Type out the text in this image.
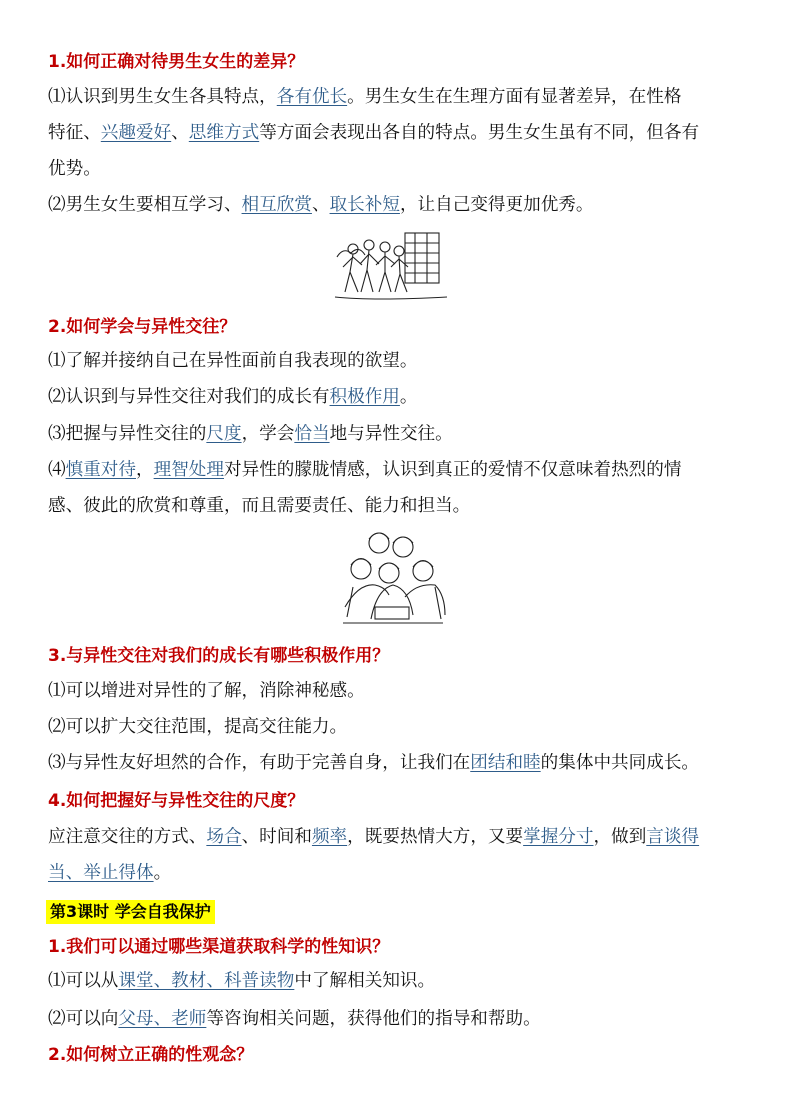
1.如何正确对待男生女生的差异？
⑴认识到男生女生各具特点，各有优长。男生女生在生理方面有显著差异，在性格
特征、兴趣爱好、思维方式等方面会表现出各自的特点。男生女生虽有不同，但各有
优势。
⑵男生女生要相互学习、相互欣赏、取长补短，让自己变得更加优秀。
2.如何学会与异性交往？
⑴了解并接纳自己在异性面前自我表现的欲望。
⑵认识到与异性交往对我们的成长有积极作用。
⑶把握与异性交往的尺度，学会恰当地与异性交往。
⑷慎重对待，理智处理对异性的朦胧情感，认识到真正的爱情不仅意味着热烈的情
感、彼此的欣赏和尊重，而且需要责任、能力和担当。
3.与异性交往对我们的成长有哪些积极作用？
⑴可以增进对异性的了解，消除神秘感。
⑵可以扩大交往范围，提高交往能力。
⑶与异性友好坦然的合作，有助于完善自身，让我们在团结和睦的集体中共同成长。
4.如何把握好与异性交往的尺度？
应注意交往的方式、场合、时间和频率，既要热情大方，又要掌握分寸，做到言谈得
当、举止得体。
第3课时 学会自我保护
1.我们可以通过哪些渠道获取科学的性知识？
⑴可以从课堂、教材、科普读物中了解相关知识。
⑵可以向父母、老师等咨询相关问题，获得他们的指导和帮助。
2.如何树立正确的性观念？
